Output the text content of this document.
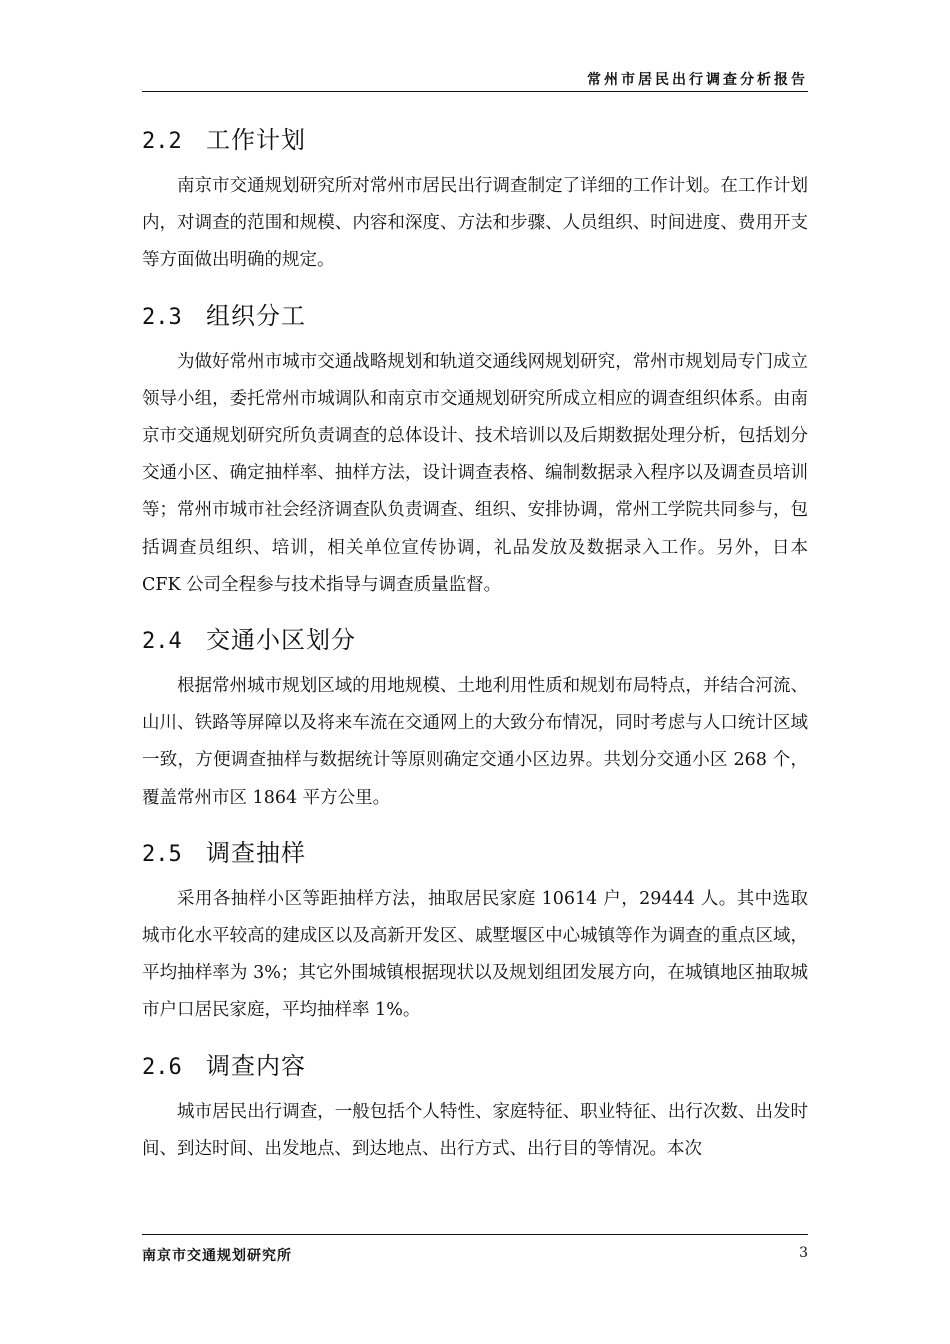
常州市居民出行调查分析报告
2.2 工作计划

南京市交通规划研究所对常州市居民出行调查制定了详细的工作计划。在工作计划内，对调查的范围和规模、内容和深度、方法和步骤、人员组织、时间进度、费用开支等方面做出明确的规定。

2.3 组织分工

为做好常州市城市交通战略规划和轨道交通线网规划研究，常州市规划局专门成立领导小组，委托常州市城调队和南京市交通规划研究所成立相应的调查组织体系。由南京市交通规划研究所负责调查的总体设计、技术培训以及后期数据处理分析，包括划分交通小区、确定抽样率、抽样方法，设计调查表格、编制数据录入程序以及调查员培训等；常州市城市社会经济调查队负责调查、组织、安排协调，常州工学院共同参与，包括调查员组织、培训，相关单位宣传协调，礼品发放及数据录入工作。另外，日本 CFK 公司全程参与技术指导与调查质量监督。

2.4 交通小区划分

根据常州城市规划区域的用地规模、土地利用性质和规划布局特点，并结合河流、山川、铁路等屏障以及将来车流在交通网上的大致分布情况，同时考虑与人口统计区域一致，方便调查抽样与数据统计等原则确定交通小区边界。共划分交通小区 268 个，覆盖常州市区 1864 平方公里。

2.5 调查抽样

采用各抽样小区等距抽样方法，抽取居民家庭 10614 户，29444 人。其中选取城市化水平较高的建成区以及高新开发区、戚墅堰区中心城镇等作为调查的重点区域，平均抽样率为 3%；其它外围城镇根据现状以及规划组团发展方向，在城镇地区抽取城市户口居民家庭，平均抽样率 1%。

2.6 调查内容

城市居民出行调查，一般包括个人特性、家庭特征、职业特征、出行次数、出发时间、到达时间、出发地点、到达地点、出行方式、出行目的等情况。本次

南京市交通规划研究所	3
